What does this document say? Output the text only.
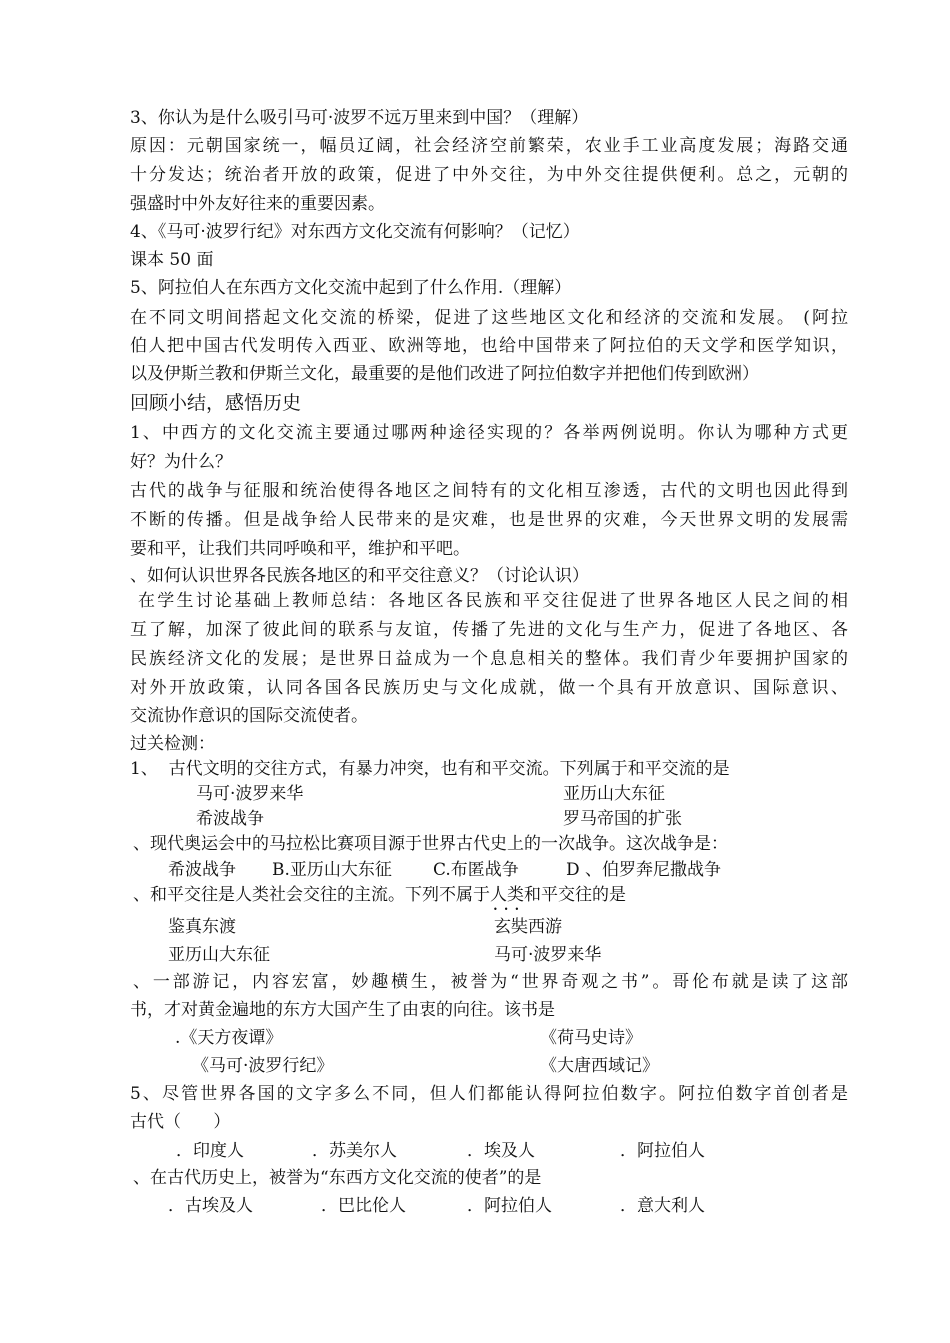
3、你认为是什么吸引马可·波罗不远万里来到中国？（理解）
原因：元朝国家统一，幅员辽阔，社会经济空前繁荣，农业手工业高度发展；海路交通
十分发达；统治者开放的政策，促进了中外交往，为中外交往提供便利。总之，元朝的
强盛时中外友好往来的重要因素。
4、《马可·波罗行纪》对东西方文化交流有何影响？（记忆）
课本 50 面
5、阿拉伯人在东西方文化交流中起到了什么作用.（理解）
在不同文明间搭起文化交流的桥梁，促进了这些地区文化和经济的交流和发展。 (阿拉
伯人把中国古代发明传入西亚、欧洲等地，也给中国带来了阿拉伯的天文学和医学知识，
以及伊斯兰教和伊斯兰文化，最重要的是他们改进了阿拉伯数字并把他们传到欧洲）
回顾小结，感悟历史
1、中西方的文化交流主要通过哪两种途径实现的？各举两例说明。你认为哪种方式更
好？为什么？
古代的战争与征服和统治使得各地区之间特有的文化相互渗透，古代的文明也因此得到
不断的传播。但是战争给人民带来的是灾难，也是世界的灾难，今天世界文明的发展需
要和平，让我们共同呼唤和平，维护和平吧。
、如何认识世界各民族各地区的和平交往意义？（讨论认识）
在学生讨论基础上教师总结：各地区各民族和平交往促进了世界各地区人民之间的相
互了解，加深了彼此间的联系与友谊，传播了先进的文化与生产力，促进了各地区、各
民族经济文化的发展；是世界日益成为一个息息相关的整体。我们青少年要拥护国家的
对外开放政策，认同各国各民族历史与文化成就，做一个具有开放意识、国际意识、
交流协作意识的国际交流使者。
过关检测：
1、  古代文明的交往方式，有暴力冲突，也有和平交流。下列属于和平交流的是
马可·波罗来华	亚历山大东征
希波战争	罗马帝国的扩张
、现代奥运会中的马拉松比赛项目源于世界古代史上的一次战争。这次战争是：
希波战争 B.亚历山大东征 C.布匿战争	D 、伯罗奔尼撒战争
、和平交往是人类社会交往的主流。下列不属于人类和平交往的是
•••
鉴真东渡	玄奘西游
亚历山大东征	马可·波罗来华
、一部游记，内容宏富，妙趣横生，被誉为“世界奇观之书”。哥伦布就是读了这部
书，才对黄金遍地的东方大国产生了由衷的向往。该书是
.《天方夜谭》	《荷马史诗》
《马可·波罗行纪》	《大唐西域记》
5、尽管世界各国的文字多么不同，但人们都能认得阿拉伯数字。阿拉伯数字首创者是
古代（      ）
．印度人	．苏美尔人	．埃及人	．阿拉伯人
、在古代历史上，被誉为“东西方文化交流的使者”的是
．古埃及人	．巴比伦人	．阿拉伯人	．意大利人
